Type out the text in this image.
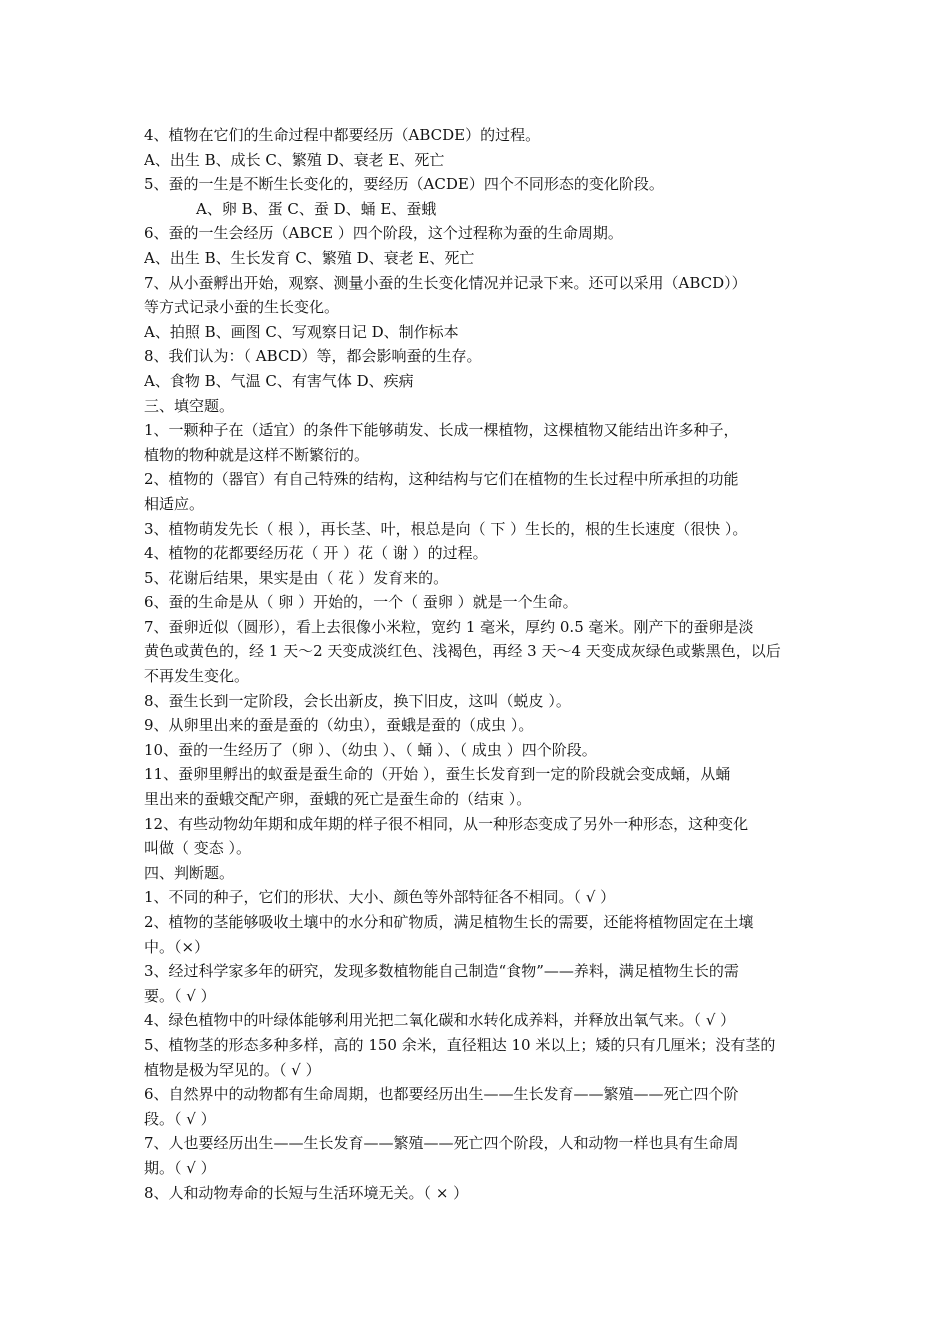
4、植物在它们的生命过程中都要经历（ABCDE）的过程。
A、出生 B、成长 C、繁殖 D、衰老 E、死亡
5、蚕的一生是不断生长变化的，要经历（ACDE）四个不同形态的变化阶段。
A、卵 B、蛋 C、蚕 D、蛹 E、蚕蛾
6、蚕的一生会经历（ABCE ）四个阶段，这个过程称为蚕的生命周期。
A、出生 B、生长发育 C、繁殖 D、衰老 E、死亡
7、从小蚕孵出开始，观察、测量小蚕的生长变化情况并记录下来。还可以采用（ABCD））
等方式记录小蚕的生长变化。
A、拍照 B、画图 C、写观察日记 D、制作标本
8、我们认为：（ ABCD）等，都会影响蚕的生存。
A、食物 B、气温 C、有害气体 D、疾病
三、填空题。
1、一颗种子在（适宜）的条件下能够萌发、长成一棵植物，这棵植物又能结出许多种子，
植物的物种就是这样不断繁衍的。
2、植物的（器官）有自己特殊的结构，这种结构与它们在植物的生长过程中所承担的功能
相适应。
3、植物萌发先长（ 根 ），再长茎、叶，根总是向（ 下 ）生长的，根的生长速度（很快 ）。
4、植物的花都要经历花（ 开 ）花（ 谢 ）的过程。
5、花谢后结果，果实是由（ 花 ）发育来的。
6、蚕的生命是从（ 卵 ）开始的，一个（ 蚕卵 ）就是一个生命。
7、蚕卵近似（圆形），看上去很像小米粒，宽约 1 毫米，厚约 0.5 毫米。刚产下的蚕卵是淡
黄色或黄色的，经 1 天～2 天变成淡红色、浅褐色，再经 3 天～4 天变成灰绿色或紫黑色，以后
不再发生变化。
8、蚕生长到一定阶段，会长出新皮，换下旧皮，这叫（蜕皮 ）。
9、从卵里出来的蚕是蚕的（幼虫），蚕蛾是蚕的（成虫 ）。
10、蚕的一生经历了（卵 ）、（幼虫 ）、（ 蛹 ）、（ 成虫 ）四个阶段。
11、蚕卵里孵出的蚁蚕是蚕生命的（开始 ），蚕生长发育到一定的阶段就会变成蛹，从蛹
里出来的蚕蛾交配产卵，蚕蛾的死亡是蚕生命的（结束 ）。
12、有些动物幼年期和成年期的样子很不相同，从一种形态变成了另外一种形态，这种变化
叫做（ 变态 ）。
四、判断题。
1、不同的种子，它们的形状、大小、颜色等外部特征各不相同。（ √ ）
2、植物的茎能够吸收土壤中的水分和矿物质，满足植物生长的需要，还能将植物固定在土壤
中。（×）
3、经过科学家多年的研究，发现多数植物能自己制造“食物”——养料，满足植物生长的需
要。（ √ ）
4、绿色植物中的叶绿体能够利用光把二氧化碳和水转化成养料，并释放出氧气来。（ √ ）
5、植物茎的形态多种多样，高的 150 余米，直径粗达 10 米以上；矮的只有几厘米；没有茎的
植物是极为罕见的。（ √ ）
6、自然界中的动物都有生命周期，也都要经历出生——生长发育——繁殖——死亡四个阶
段。（ √ ）
7、人也要经历出生——生长发育——繁殖——死亡四个阶段，人和动物一样也具有生命周
期。（ √ ）
8、人和动物寿命的长短与生活环境无关。（ × ）
